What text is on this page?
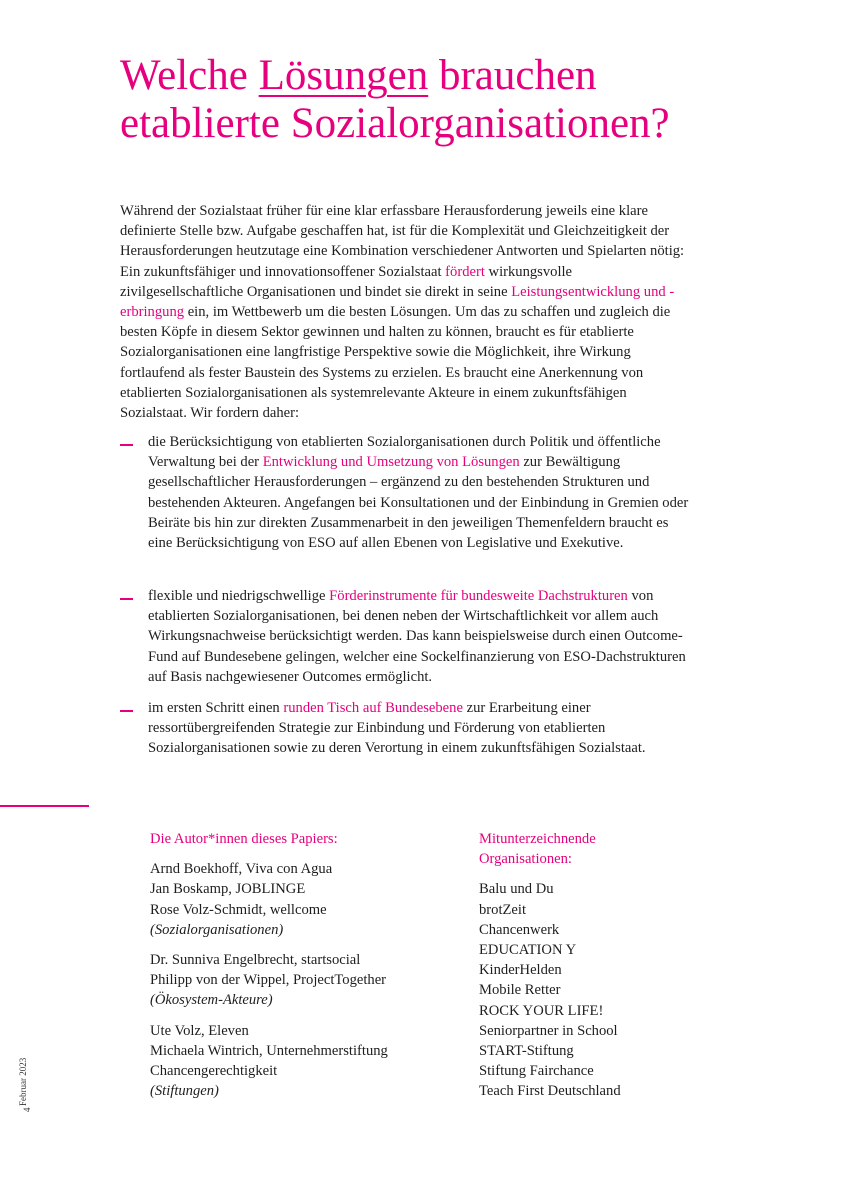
Welche Lösungen brauchen
etablierte Sozialorganisationen?

Während der Sozialstaat früher für eine klar erfassbare Herausforderung jeweils eine klare definierte Stelle bzw. Aufgabe geschaffen hat, ist für die Komplexität und Gleichzeitigkeit der Herausforderungen heutzutage eine Kombination verschiedener Antworten und Spielarten nötig: Ein zukunftsfähiger und innovationsoffener Sozialstaat fördert wirkungsvolle zivilgesellschaftliche Organisationen und bindet sie direkt in seine Leistungsentwicklung und -erbringung ein, im Wettbewerb um die besten Lösungen. Um das zu schaffen und zugleich die besten Köpfe in diesem Sektor gewinnen und halten zu können, braucht es für etablierte Sozialorganisationen eine langfristige Perspektive sowie die Möglichkeit, ihre Wirkung fortlaufend als fester Baustein des Systems zu erzielen. Es braucht eine Anerkennung von etablierten Sozialorganisationen als systemrelevante Akteure in einem zukunftsfähigen Sozialstaat. Wir fordern daher:

die Berücksichtigung von etablierten Sozialorganisationen durch Politik und öffentliche Verwaltung bei der Entwicklung und Umsetzung von Lösungen zur Bewältigung gesellschaftlicher Herausforderungen – ergänzend zu den bestehenden Strukturen und bestehenden Akteuren. Angefangen bei Konsultationen und der Einbindung in Gremien oder Beiräte bis hin zur direkten Zusammenarbeit in den jeweiligen Themenfeldern braucht es eine Berücksichtigung von ESO auf allen Ebenen von Legislative und Exekutive.
flexible und niedrigschwellige Förderinstrumente für bundesweite Dachstrukturen von etablierten Sozialorganisationen, bei denen neben der Wirtschaftlichkeit vor allem auch Wirkungsnachweise berücksichtigt werden. Das kann beispielsweise durch einen Outcome-Fund auf Bundesebene gelingen, welcher eine Sockelfinanzierung von ESO-Dachstrukturen auf Basis nachgewiesener Outcomes ermöglicht.
im ersten Schritt einen runden Tisch auf Bundesebene zur Erarbeitung einer ressortübergreifenden Strategie zur Einbindung und Förderung von etablierten Sozialorganisationen sowie zu deren Verortung in einem zukunftsfähigen Sozialstaat.
Die Autor*innen dieses Papiers:
Arnd Boekhoff, Viva con Agua
Jan Boskamp, JOBLINGE
Rose Volz-Schmidt, wellcome
(Sozialorganisationen)
Dr. Sunniva Engelbrecht, startsocial
Philipp von der Wippel, ProjectTogether
(Ökosystem-Akteure)
Ute Volz, Eleven
Michaela Wintrich, Unternehmerstiftung
Chancengerechtigkeit
(Stiftungen)
Mitunterzeichnende
Organisationen:
Balu und Du
brotZeit
Chancenwerk
EDUCATION Y
KinderHelden
Mobile Retter
ROCK YOUR LIFE!
Seniorpartner in School
START-Stiftung
Stiftung Fairchance
Teach First Deutschland
Februar 2023
4
